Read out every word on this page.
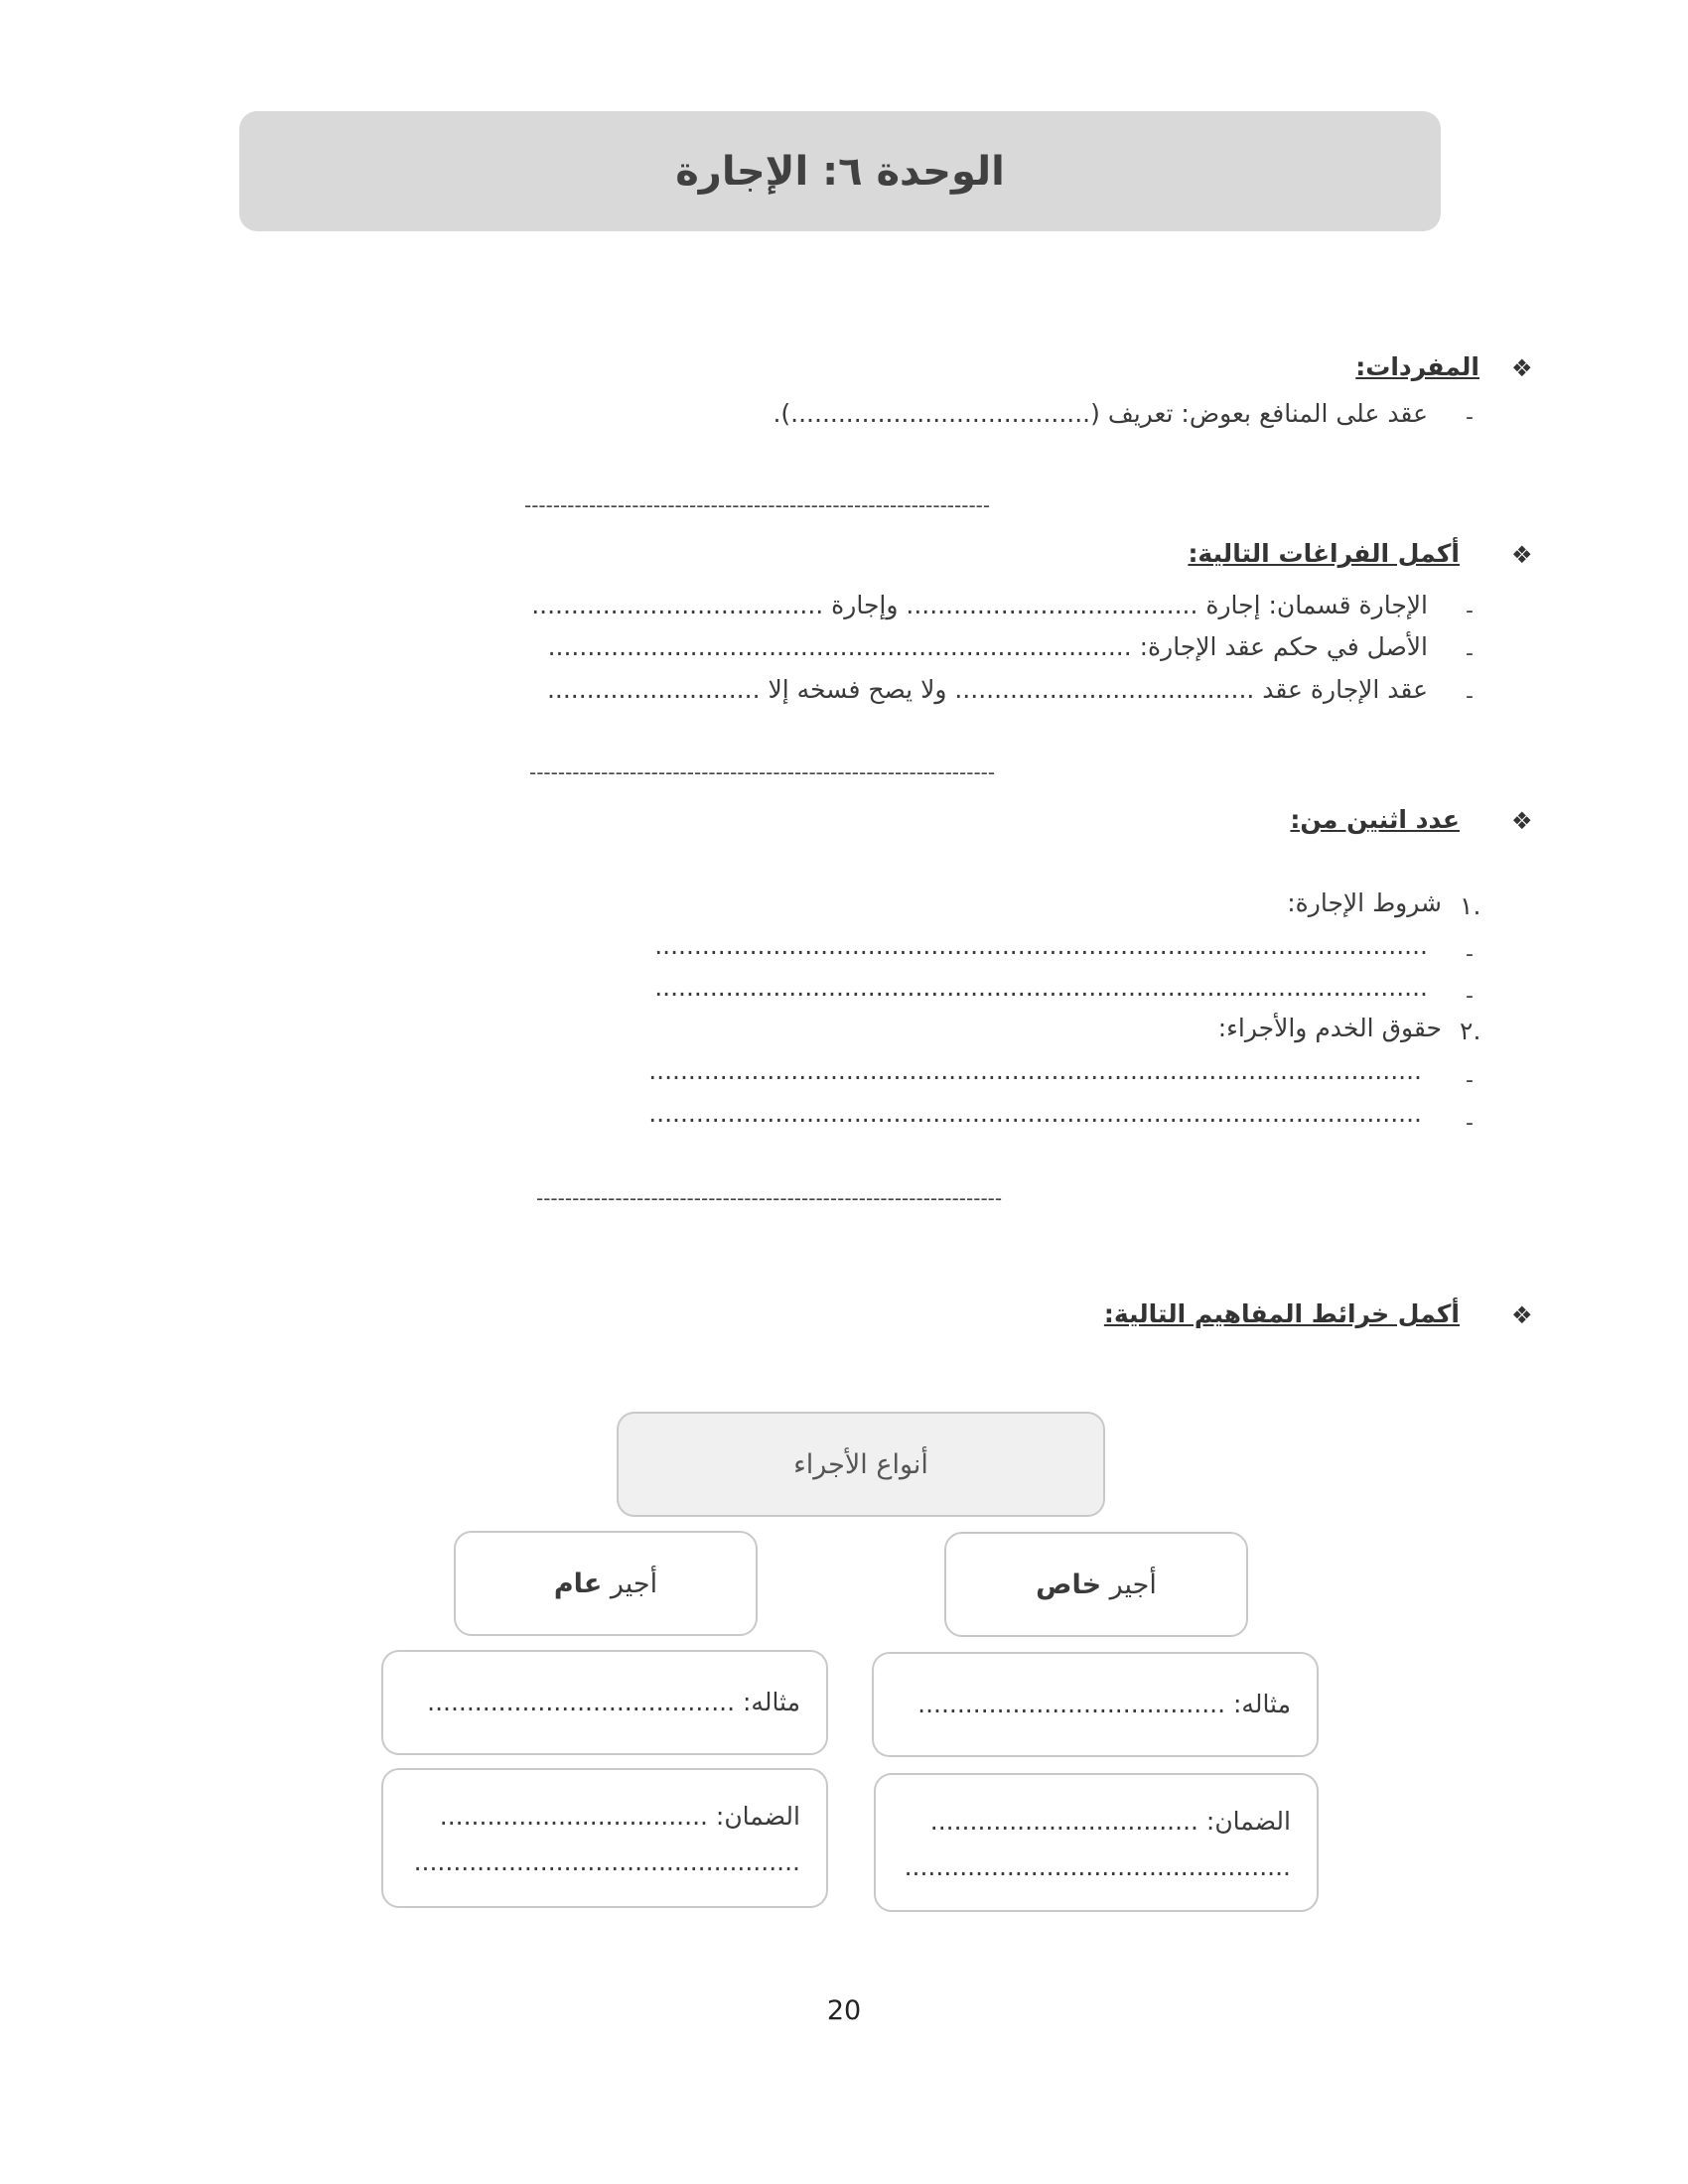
الوحدة ٦: الإجارة
❖
المفردات:
-
عقد على المنافع بعوض: تعريف (......................................).
-----------------------------------------------------------------
❖
أكمل الفراغات التالية:
-
الإجارة قسمان: إجارة ..................................... وإجارة .....................................
-
الأصل في حكم عقد الإجارة: ..........................................................................
-
عقد الإجارة عقد ...................................... ولا يصح فسخه إلا ...........................
-----------------------------------------------------------------
❖
عدد اثنين من:
١.
شروط الإجارة:
-
..................................................................................................
-
..................................................................................................
٢.
حقوق الخدم والأجراء:
-
..................................................................................................
-
..................................................................................................
-----------------------------------------------------------------
❖
أكمل خرائط المفاهيم التالية:
أنواع الأجراء
أجير

خاص
مثاله: .......................................
الضمان: ..................................
.................................................
أجير

عام
مثاله: .......................................
الضمان: ..................................
.................................................
20
